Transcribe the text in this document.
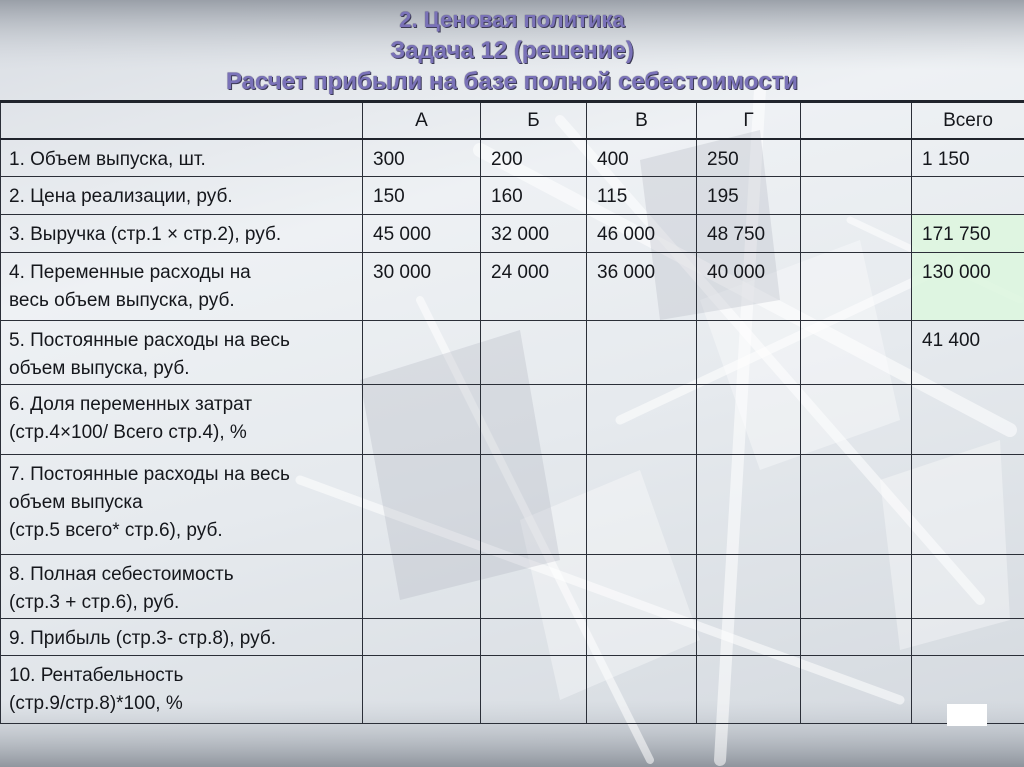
2. Ценовая политика
Задача 12 (решение)
Расчет прибыли на базе полной себестоимости
	А	Б	В	Г		Всего

1. Объем выпуска, шт.	300	200	400	250		1 150

2. Цена реализации, руб.	150	160	115	195		

3. Выручка (стр.1 × стр.2), руб.	45 000	32 000	46 000	48 750		171 750

4. Переменные расходы на
весь объем выпуска, руб.	30 000	24 000	36 000	40 000		130 000

5. Постоянные расходы на весь
объем выпуска, руб.						41 400

6. Доля переменных затрат
(стр.4×100/ Всего стр.4), %						

7. Постоянные расходы на весь
объем выпуска
(стр.5 всего* стр.6), руб.						

8. Полная себестоимость
(стр.3 + стр.6), руб.						

9. Прибыль (стр.3- стр.8), руб.						

10. Рентабельность
(стр.9/стр.8)*100, %						
